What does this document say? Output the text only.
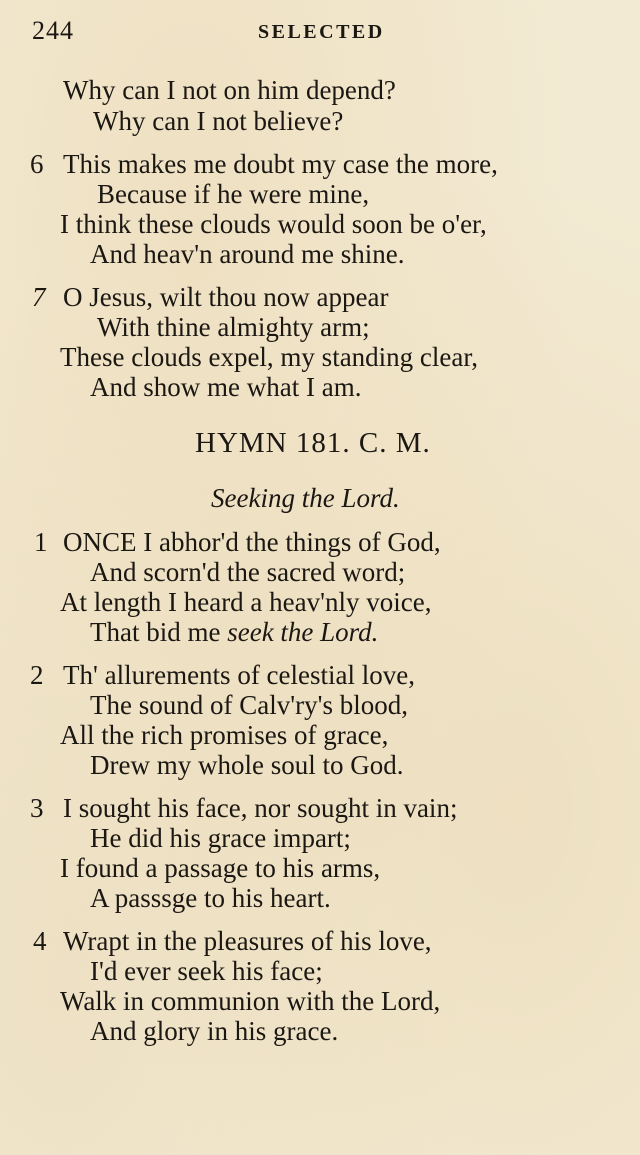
244	SELECTED
Why can I not on him depend?
Why can I not believe?
6 This makes me doubt my case the more,
Because if he were mine,
I think these clouds would soon be o'er,
And heav'n around me shine.
7 O Jesus, wilt thou now appear
With thine almighty arm;
These clouds expel, my standing clear,
And show me what I am.
HYMN 181. C. M.
Seeking the Lord.
1 ONCE I abhor'd the things of God,
And scorn'd the sacred word;
At length I heard a heav'nly voice,
That bid me seek the Lord.
2 Th' allurements of celestial love,
The sound of Calv'ry's blood,
All the rich promises of grace,
Drew my whole soul to God.
3 I sought his face, nor sought in vain;
He did his grace impart;
I found a passage to his arms,
A passsge to his heart.
4 Wrapt in the pleasures of his love,
I'd ever seek his face;
Walk in communion with the Lord,
And glory in his grace.
